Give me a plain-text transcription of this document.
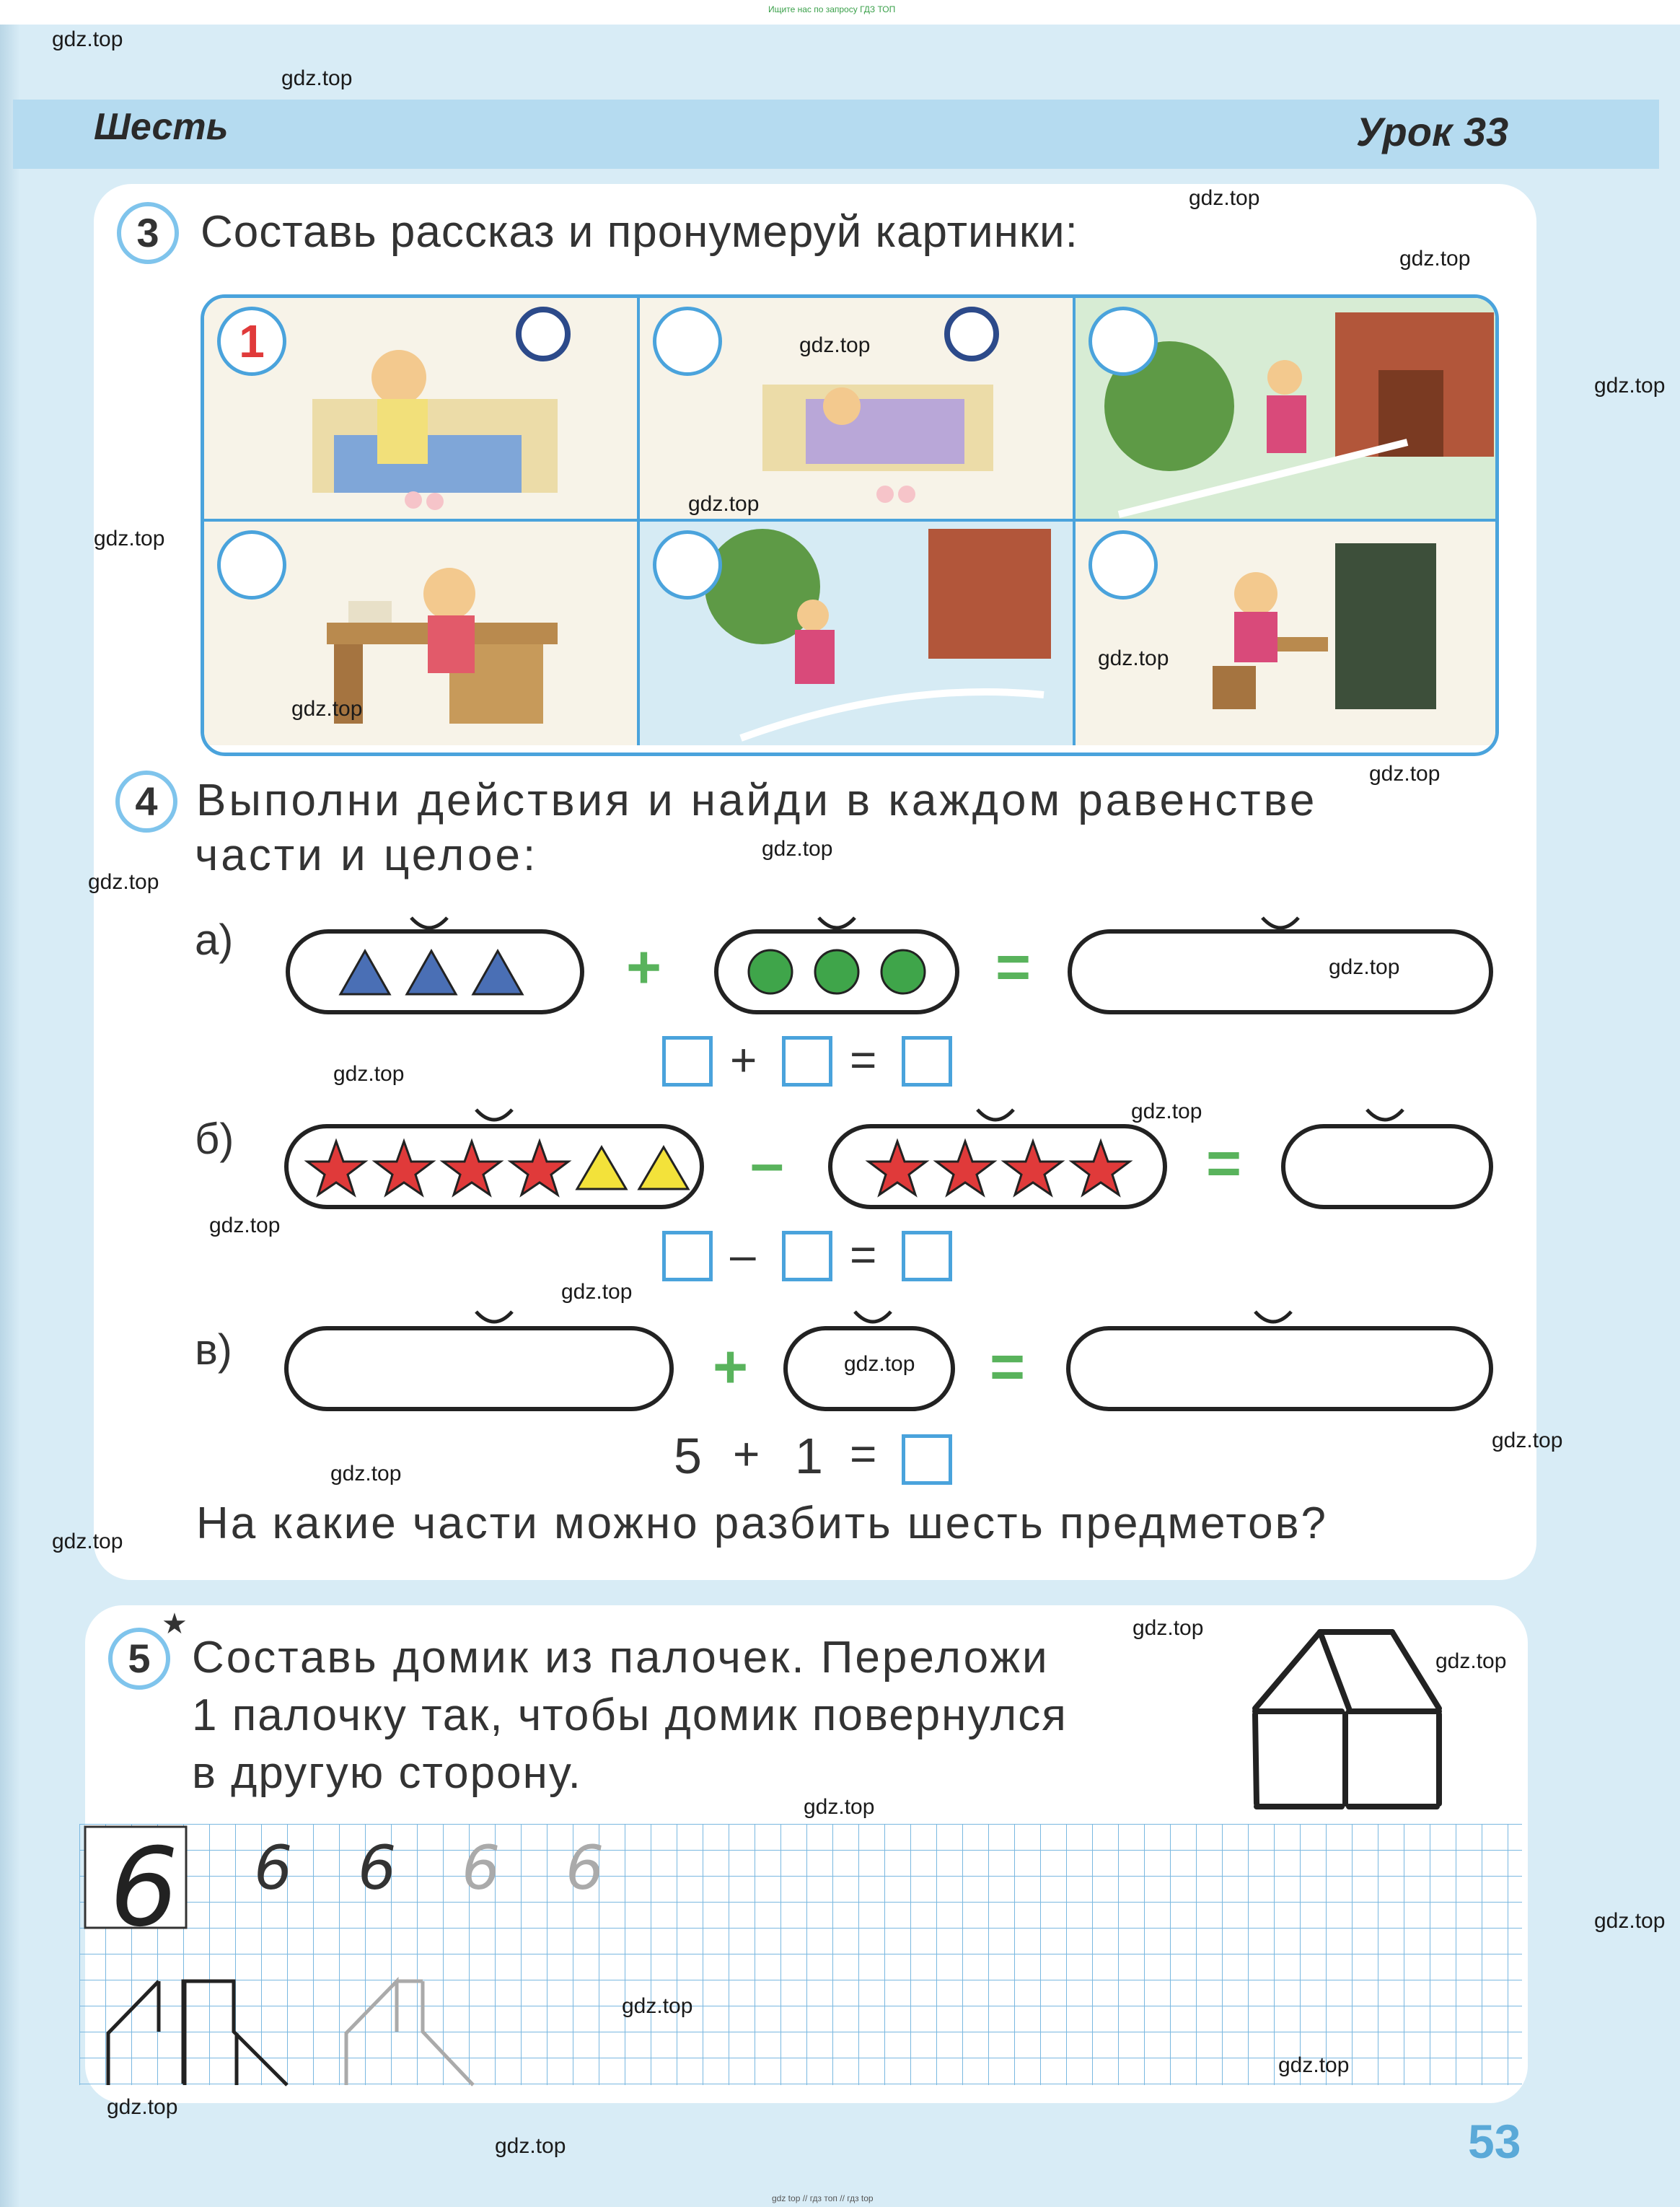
Ищите нас по запросу ГДЗ ТОП
Шесть	Урок 33
3 Составь рассказ и пронумеруй картинки:
1
4 Выполни действия и найди в каждом равенстве
части и целое:
а)	+	=
+ =
б)	–	=
– =
в)	+	=
5 + 1 =
На какие части можно разбить шесть предметов?
5
★
Составь домик из палочек. Переложи
1 палочку так, чтобы домик повернулся
в другую сторону.
6 6 6 6 6
53
gdz top // гдз топ // гдз top
gdz.top
gdz.top
gdz.top
gdz.top
gdz.top
gdz.top
gdz.top
gdz.top
gdz.top
gdz.top
gdz.top
gdz.top
gdz.top
gdz.top
gdz.top
gdz.top
gdz.top
gdz.top
gdz.top
gdz.top
gdz.top
gdz.top
gdz.top
gdz.top
gdz.top
gdz.top
gdz.top
gdz.top
gdz.top
gdz.top
